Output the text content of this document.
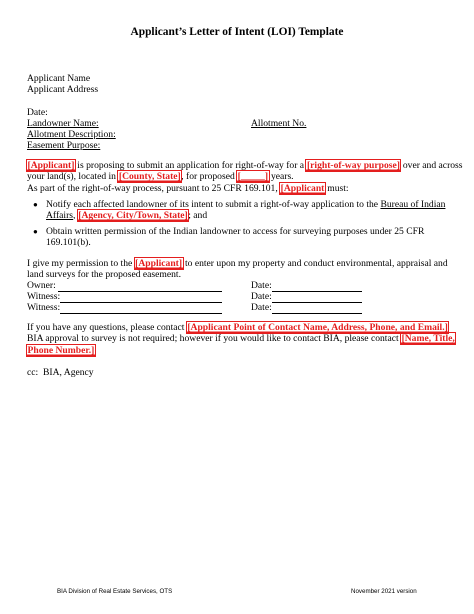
Applicant’s Letter of Intent (LOI) Template
Applicant Name
Applicant Address
Date:
Landowner Name:	Allotment No.
Allotment Description:
Easement Purpose:

[Applicant] is proposing to submit an application for right-of-way for a [right-of-way purpose] over and across

your land(s), located in [County, State], for proposed [_____] years.

As part of the right-of-way process, pursuant to 25 CFR 169.101, [Applicant must:

● Notify each affected landowner of its intent to submit a right-of-way application to the Bureau of Indian

Affairs, [Agency, City/Town, State]; and

● Obtain written permission of the Indian landowner to access for surveying purposes under 25 CFR

169.101(b).

I give my permission to the [Applicant] to enter upon my property and conduct environmental, appraisal and

land surveys for the proposed easement.

Owner:	Date:
Witness:	Date:
Witness:	Date:

If you have any questions, please contact [Applicant Point of Contact Name, Address, Phone, and Email.]

BIA approval to survey is not required; however if you would like to contact BIA, please contact [Name, Title,

Phone Number.]

cc:  BIA, Agency
BIA Division of Real Estate Services, OTS	November 2021 version
